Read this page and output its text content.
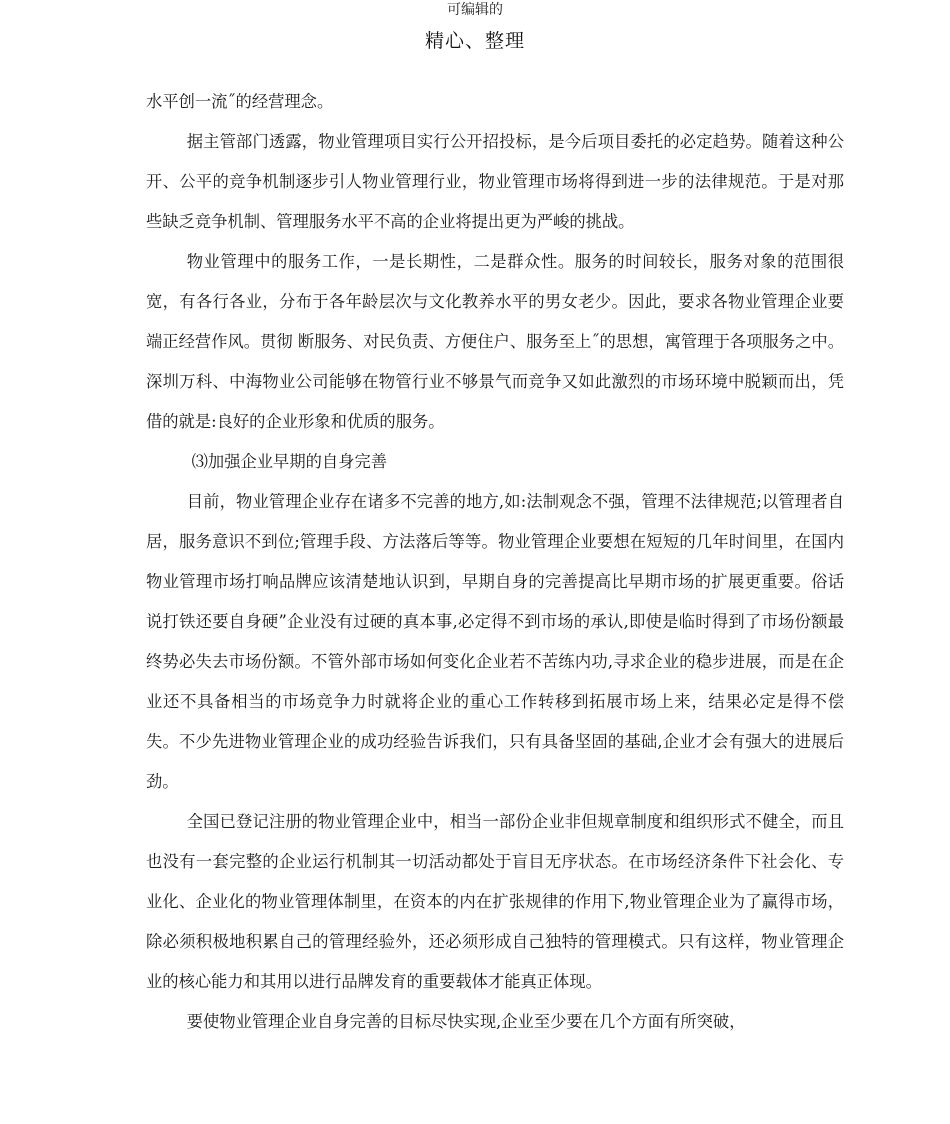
可编辑的
精心、整理

水平创一流˝的经营理念。

据主管部门透露，物业管理项目实行公开招投标，是今后项目委托的必定趋势。随着这种公开、公平的竞争机制逐步引人物业管理行业，物业管理市场将得到进一步的法律规范。于是对那些缺乏竞争机制、管理服务水平不高的企业将提出更为严峻的挑战。

物业管理中的服务工作，一是长期性，二是群众性。服务的时间较长，服务对象的范围很宽，有各行各业，分布于各年龄层次与文化教养水平的男女老少。因此，要求各物业管理企业要端正经营作风。贯彻 断服务、对民负责、方便住户、服务至上˝的思想，寓管理于各项服务之中。深圳万科、中海物业公司能够在物管行业不够景气而竞争又如此激烈的市场环境中脱颖而出，凭借的就是:良好的企业形象和优质的服务。

⑶加强企业早期的自身完善

目前，物业管理企业存在诸多不完善的地方,如:法制观念不强，管理不法律规范;以管理者自居，服务意识不到位;管理手段、方法落后等等。物业管理企业要想在短短的几年时间里，在国内物业管理市场打响品牌应该清楚地认识到，早期自身的完善提高比早期市场的扩展更重要。俗话说打铁还要自身硬”企业没有过硬的真本事,必定得不到市场的承认,即使是临时得到了市场份额最终势必失去市场份额。不管外部市场如何变化企业若不苦练内功,寻求企业的稳步进展，而是在企业还不具备相当的市场竞争力时就将企业的重心工作转移到拓展市场上来，结果必定是得不偿失。不少先进物业管理企业的成功经验告诉我们，只有具备坚固的基础,企业才会有强大的进展后劲。

全国已登记注册的物业管理企业中，相当一部份企业非但规章制度和组织形式不健全，而且也没有一套完整的企业运行机制其一切活动都处于盲目无序状态。在市场经济条件下社会化、专业化、企业化的物业管理体制里，在资本的内在扩张规律的作用下,物业管理企业为了赢得市场，除必须积极地积累自己的管理经验外，还必须形成自己独特的管理模式。只有这样，物业管理企业的核心能力和其用以进行品牌发育的重要载体才能真正体现。

要使物业管理企业自身完善的目标尽快实现,企业至少要在几个方面有所突破，
